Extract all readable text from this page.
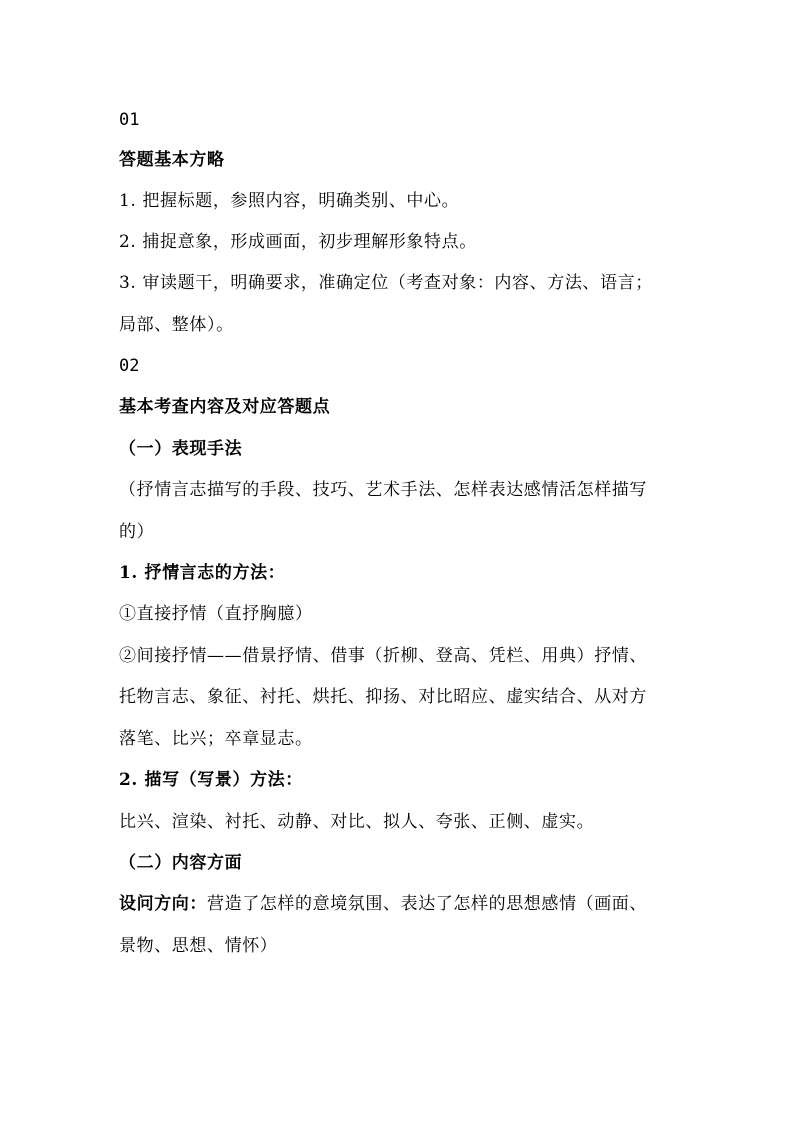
01
答题基本方略
1. 把握标题，参照内容，明确类别、中心。
2. 捕捉意象，形成画面，初步理解形象特点。
3. 审读题干，明确要求，准确定位（考查对象：内容、方法、语言；
局部、整体）。
02
基本考查内容及对应答题点
（一）表现手法
（抒情言志描写的手段、技巧、艺术手法、怎样表达感情活怎样描写
的）
1. 抒情言志的方法：
①直接抒情（直抒胸臆）
②间接抒情——借景抒情、借事（折柳、登高、凭栏、用典）抒情、
托物言志、象征、衬托、烘托、抑扬、对比昭应、虚实结合、从对方
落笔、比兴；卒章显志。
2. 描写（写景）方法：
比兴、渲染、衬托、动静、对比、拟人、夸张、正侧、虚实。
（二）内容方面
设问方向：营造了怎样的意境氛围、表达了怎样的思想感情（画面、
景物、思想、情怀）
